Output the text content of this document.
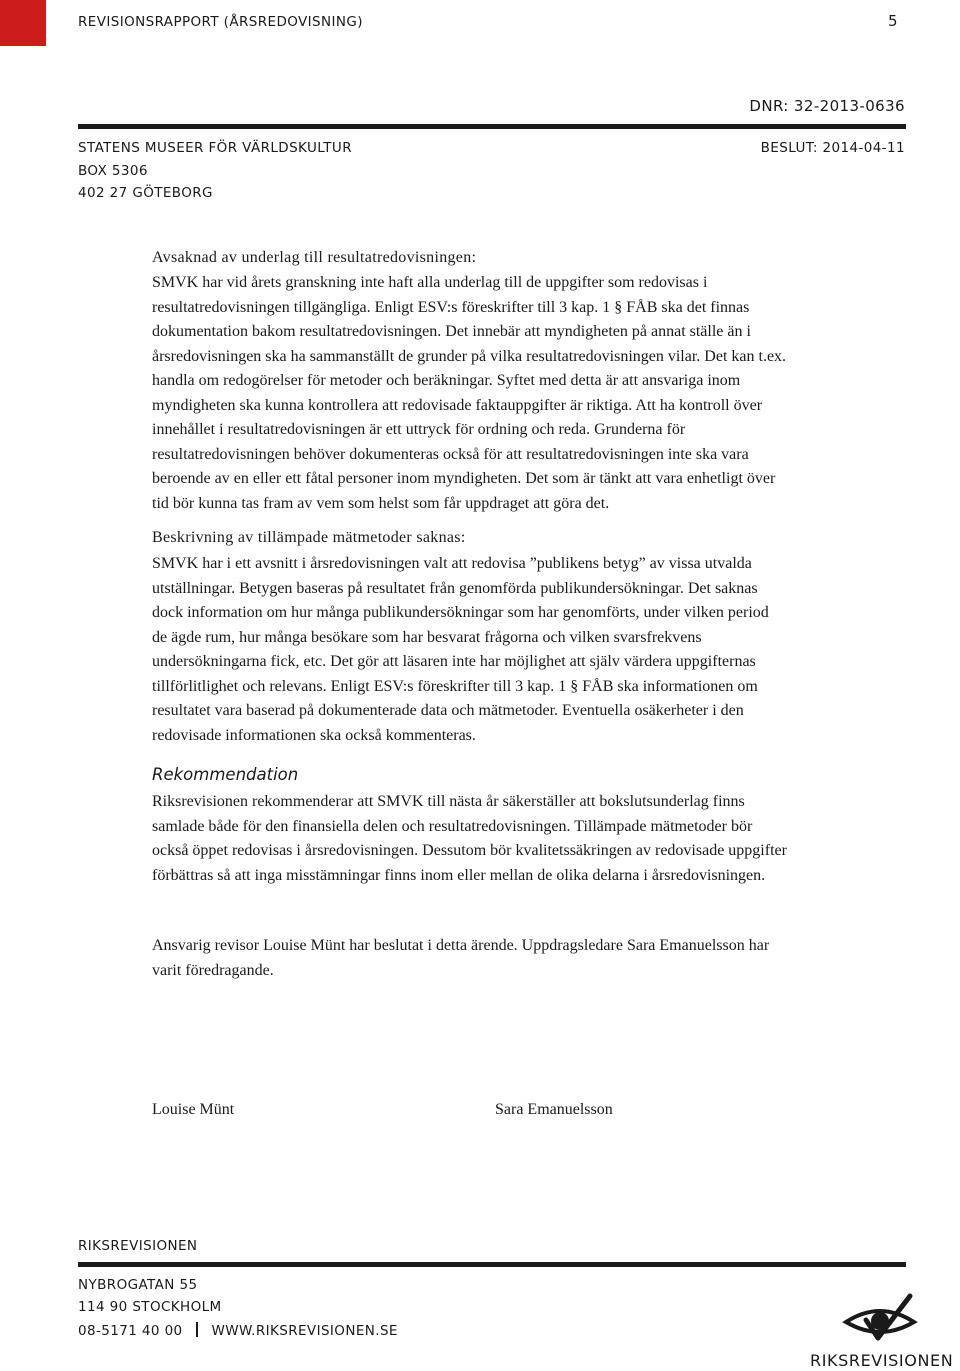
REVISIONSRAPPORT (ÅRSREDOVISNING)	5
DNR: 32-2013-0636
STATENS MUSEER FÖR VÄRLDSKULTUR	BESLUT: 2014-04-11
BOX 5306
402 27 GÖTEBORG
Avsaknad av underlag till resultatredovisningen:
SMVK har vid årets granskning inte haft alla underlag till de uppgifter som redovisas i
resultatredovisningen tillgängliga. Enligt ESV:s föreskrifter till 3 kap. 1 § FÅB ska det finnas
dokumentation bakom resultatredovisningen. Det innebär att myndigheten på annat ställe än i
årsredovisningen ska ha sammanställt de grunder på vilka resultatredovisningen vilar. Det kan t.ex.
handla om redogörelser för metoder och beräkningar. Syftet med detta är att ansvariga inom
myndigheten ska kunna kontrollera att redovisade faktauppgifter är riktiga. Att ha kontroll över
innehållet i resultatredovisningen är ett uttryck för ordning och reda. Grunderna för
resultatredovisningen behöver dokumenteras också för att resultatredovisningen inte ska vara
beroende av en eller ett fåtal personer inom myndigheten. Det som är tänkt att vara enhetligt över
tid bör kunna tas fram av vem som helst som får uppdraget att göra det.
Beskrivning av tillämpade mätmetoder saknas:
SMVK har i ett avsnitt i årsredovisningen valt att redovisa ”publikens betyg” av vissa utvalda
utställningar. Betygen baseras på resultatet från genomförda publikundersökningar. Det saknas
dock information om hur många publikundersökningar som har genomförts, under vilken period
de ägde rum, hur många besökare som har besvarat frågorna och vilken svarsfrekvens
undersökningarna fick, etc. Det gör att läsaren inte har möjlighet att själv värdera uppgifternas
tillförlitlighet och relevans. Enligt ESV:s föreskrifter till 3 kap. 1 § FÅB ska informationen om
resultatet vara baserad på dokumenterade data och mätmetoder. Eventuella osäkerheter i den
redovisade informationen ska också kommenteras.
Rekommendation
Riksrevisionen rekommenderar att SMVK till nästa år säkerställer att bokslutsunderlag finns
samlade både för den finansiella delen och resultatredovisningen. Tillämpade mätmetoder bör
också öppet redovisas i årsredovisningen. Dessutom bör kvalitetssäkringen av redovisade uppgifter
förbättras så att inga misstämningar finns inom eller mellan de olika delarna i årsredovisningen.
Ansvarig revisor Louise Münt har beslutat i detta ärende. Uppdragsledare Sara Emanuelsson har
varit föredragande.
Louise Münt	Sara Emanuelsson
RIKSREVISIONEN
NYBROGATAN 55
114 90 STOCKHOLM
08-5171 40 00 WWW.RIKSREVISIONEN.SE
RIKSREVISIONEN
